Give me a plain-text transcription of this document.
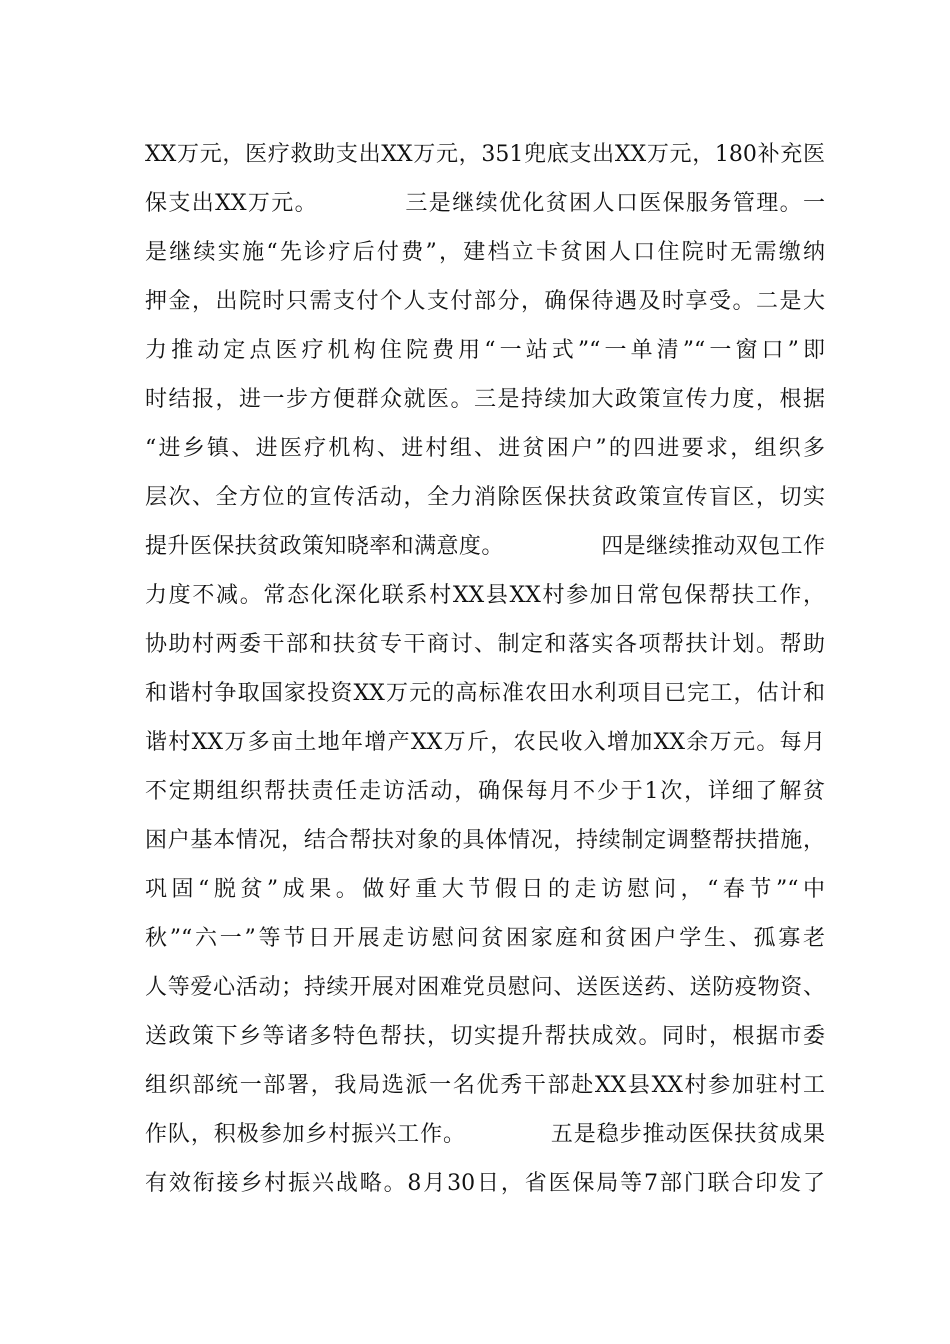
XX万元，医疗救助支出XX万元，351兜底支出XX万元，180补充医
保支出XX万元。	三是继续优化贫困人口医保服务管理。一
是继续实施“先诊疗后付费”，建档立卡贫困人口住院时无需缴纳
押金，出院时只需支付个人支付部分，确保待遇及时享受。二是大
力推动定点医疗机构住院费用“一站式”“一单清”“一窗口”即
时结报，进一步方便群众就医。三是持续加大政策宣传力度，根据
“进乡镇、进医疗机构、进村组、进贫困户”的四进要求，组织多
层次、全方位的宣传活动，全力消除医保扶贫政策宣传盲区，切实
提升医保扶贫政策知晓率和满意度。	四是继续推动双包工作
力度不减。常态化深化联系村XX县XX村参加日常包保帮扶工作，
协助村两委干部和扶贫专干商讨、制定和落实各项帮扶计划。帮助
和谐村争取国家投资XX万元的高标准农田水利项目已完工，估计和
谐村XX万多亩土地年增产XX万斤，农民收入增加XX余万元。每月
不定期组织帮扶责任走访活动，确保每月不少于1次，详细了解贫
困户基本情况，结合帮扶对象的具体情况，持续制定调整帮扶措施，
巩固“脱贫”成果。做好重大节假日的走访慰问，“春节”“中
秋”“六一”等节日开展走访慰问贫困家庭和贫困户学生、孤寡老
人等爱心活动；持续开展对困难党员慰问、送医送药、送防疫物资、
送政策下乡等诸多特色帮扶，切实提升帮扶成效。同时，根据市委
组织部统一部署，我局选派一名优秀干部赴XX县XX村参加驻村工
作队，积极参加乡村振兴工作。	五是稳步推动医保扶贫成果
有效衔接乡村振兴战略。8月30日，省医保局等7部门联合印发了
